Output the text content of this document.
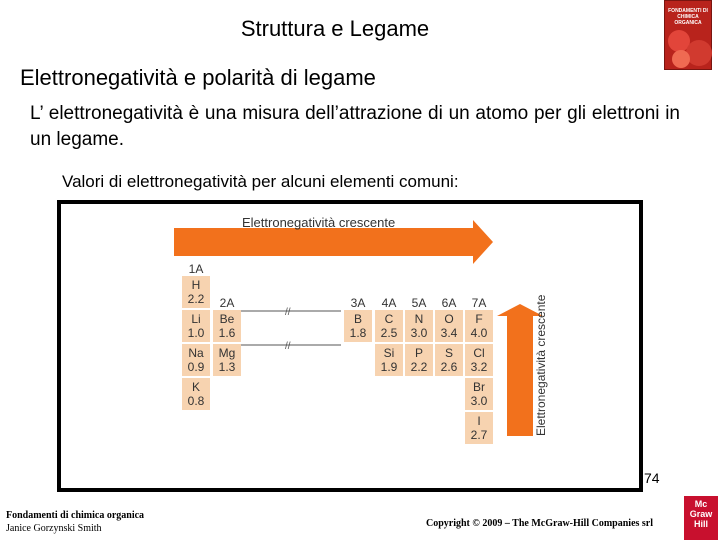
Struttura e Legame
FONDAMENTI DI CHIMICA ORGANICA
Elettronegatività e polarità di legame
L’ elettronegatività è una misura dell’attrazione di un atomo per gli elettroni in un legame.
Valori di elettronegatività per alcuni elementi comuni:
Elettronegatività crescente
Elettronegatività crescente
//
//
1A
H
2.2
Li
1.0
Na
0.9
K
0.8
2A
Be
1.6
Mg
1.3
3A
B
1.8
4A
C
2.5
Si
1.9
5A
N
3.0
P
2.2
6A
O
3.4
S
2.6
7A
F
4.0
Cl
3.2
Br
3.0
I
2.7
Fondamenti di chimica organica
Janice Gorzynski Smith
74
Copyright © 2009 – The McGraw-Hill Companies srl
Mc
Graw
Hill
